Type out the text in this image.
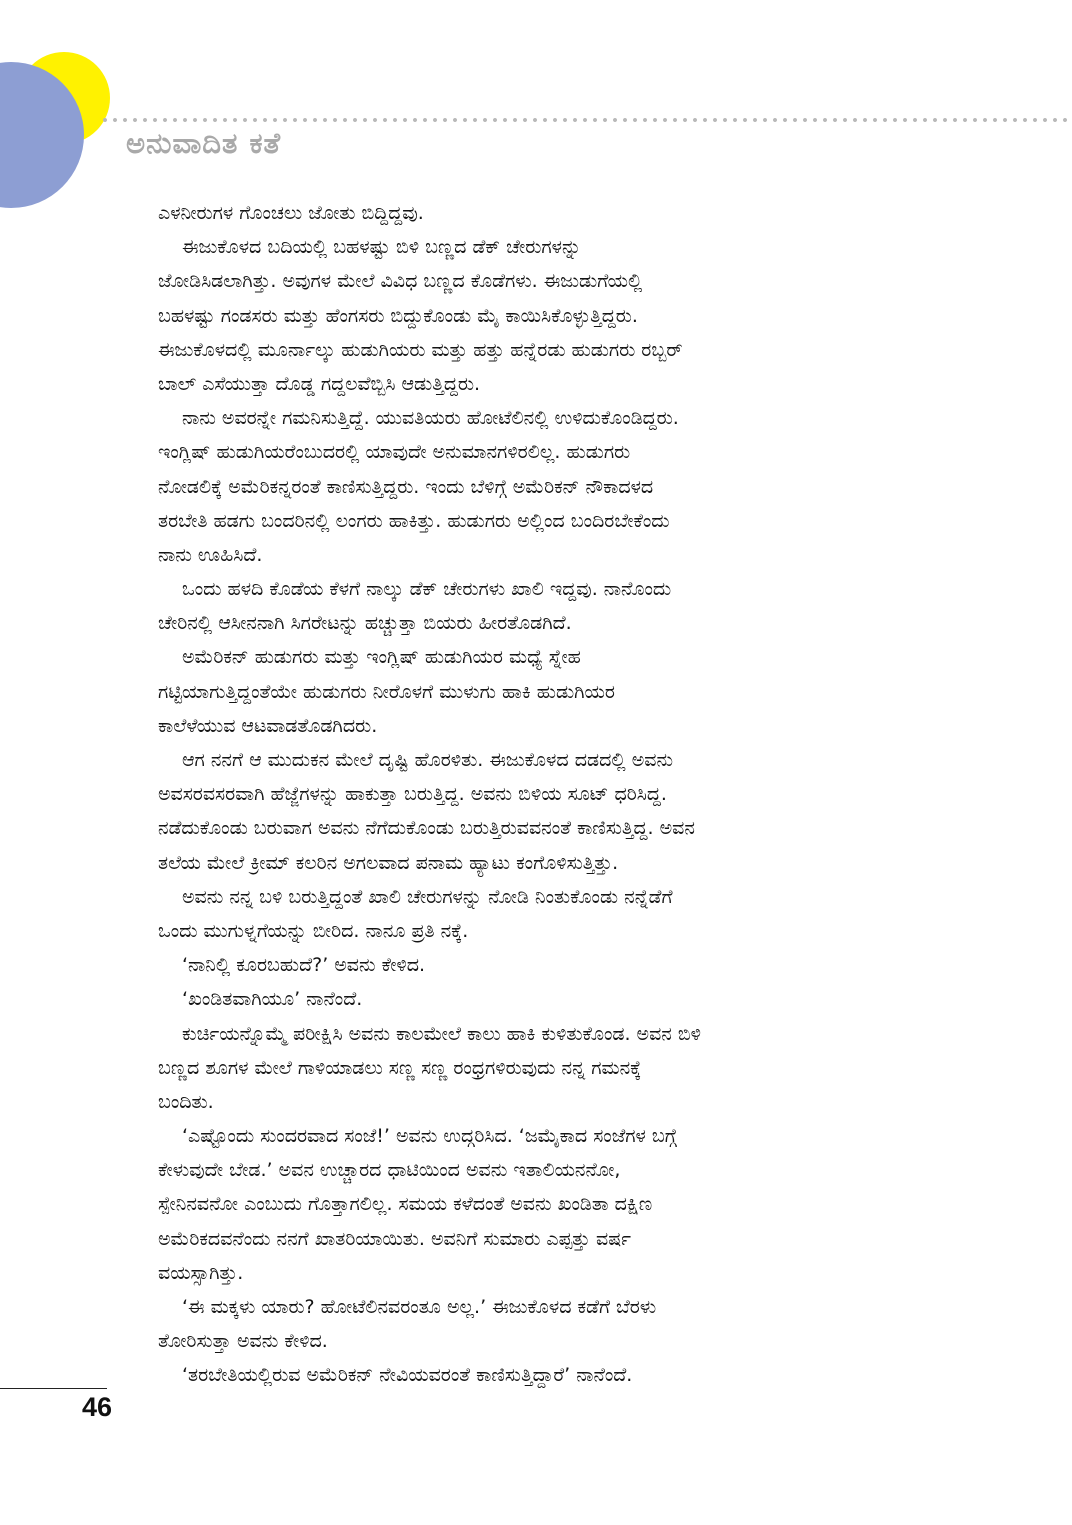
ಅನುವಾದಿತ ಕತೆ
ಎಳನೀರುಗಳ ಗೊಂಚಲು ಜೋತು ಬಿದ್ದಿದ್ದವು.
ಈಜುಕೊಳದ ಬದಿಯಲ್ಲಿ ಬಹಳಷ್ಟು ಬಿಳಿ ಬಣ್ಣದ ಡೆಕ್ ಚೇರುಗಳನ್ನು
ಜೋಡಿಸಿಡಲಾಗಿತ್ತು. ಅವುಗಳ ಮೇಲೆ ವಿವಿಧ ಬಣ್ಣದ ಕೊಡೆಗಳು. ಈಜುಡುಗೆಯಲ್ಲಿ
ಬಹಳಷ್ಟು ಗಂಡಸರು ಮತ್ತು ಹೆಂಗಸರು ಬಿದ್ದುಕೊಂಡು ಮೈ ಕಾಯಿಸಿಕೊಳ್ಳುತ್ತಿದ್ದರು.
ಈಜುಕೊಳದಲ್ಲಿ ಮೂರ್ನಾಲ್ಕು ಹುಡುಗಿಯರು ಮತ್ತು ಹತ್ತು ಹನ್ನೆರಡು ಹುಡುಗರು ರಬ್ಬರ್
ಬಾಲ್ ಎಸೆಯುತ್ತಾ ದೊಡ್ಡ ಗದ್ದಲವೆಬ್ಬಿಸಿ ಆಡುತ್ತಿದ್ದರು.
ನಾನು ಅವರನ್ನೇ ಗಮನಿಸುತ್ತಿದ್ದೆ. ಯುವತಿಯರು ಹೋಟೆಲಿನಲ್ಲಿ ಉಳಿದುಕೊಂಡಿದ್ದರು.
ಇಂಗ್ಲಿಷ್ ಹುಡುಗಿಯರೆಂಬುದರಲ್ಲಿ ಯಾವುದೇ ಅನುಮಾನಗಳಿರಲಿಲ್ಲ. ಹುಡುಗರು
ನೋಡಲಿಕ್ಕೆ ಅಮೆರಿಕನ್ನರಂತೆ ಕಾಣಿಸುತ್ತಿದ್ದರು. ಇಂದು ಬೆಳಿಗ್ಗೆ ಅಮೆರಿಕನ್ ನೌಕಾದಳದ
ತರಬೇತಿ ಹಡಗು ಬಂದರಿನಲ್ಲಿ ಲಂಗರು ಹಾಕಿತ್ತು. ಹುಡುಗರು ಅಲ್ಲಿಂದ ಬಂದಿರಬೇಕೆಂದು
ನಾನು ಊಹಿಸಿದೆ.
ಒಂದು ಹಳದಿ ಕೊಡೆಯ ಕೆಳಗೆ ನಾಲ್ಕು ಡೆಕ್ ಚೇರುಗಳು ಖಾಲಿ ಇದ್ದವು. ನಾನೊಂದು
ಚೇರಿನಲ್ಲಿ ಆಸೀನನಾಗಿ ಸಿಗರೇಟನ್ನು ಹಚ್ಚುತ್ತಾ ಬಿಯರು ಹೀರತೊಡಗಿದೆ.
ಅಮೆರಿಕನ್ ಹುಡುಗರು ಮತ್ತು ಇಂಗ್ಲಿಷ್ ಹುಡುಗಿಯರ ಮಧ್ಯೆ ಸ್ನೇಹ
ಗಟ್ಟಿಯಾಗುತ್ತಿದ್ದಂತೆಯೇ ಹುಡುಗರು ನೀರೊಳಗೆ ಮುಳುಗು ಹಾಕಿ ಹುಡುಗಿಯರ
ಕಾಲೆಳೆಯುವ ಆಟವಾಡತೊಡಗಿದರು.
ಆಗ ನನಗೆ ಆ ಮುದುಕನ ಮೇಲೆ ದೃಷ್ಟಿ ಹೊರಳಿತು. ಈಜುಕೊಳದ ದಡದಲ್ಲಿ ಅವನು
ಅವಸರವಸರವಾಗಿ ಹೆಜ್ಜೆಗಳನ್ನು ಹಾಕುತ್ತಾ ಬರುತ್ತಿದ್ದ. ಅವನು ಬಿಳಿಯ ಸೂಟ್ ಧರಿಸಿದ್ದ.
ನಡೆದುಕೊಂಡು ಬರುವಾಗ ಅವನು ನೆಗೆದುಕೊಂಡು ಬರುತ್ತಿರುವವನಂತೆ ಕಾಣಿಸುತ್ತಿದ್ದ. ಅವನ
ತಲೆಯ ಮೇಲೆ ಕ್ರೀಮ್ ಕಲರಿನ ಅಗಲವಾದ ಪನಾಮ ಹ್ಯಾಟು ಕಂಗೊಳಿಸುತ್ತಿತ್ತು.
ಅವನು ನನ್ನ ಬಳಿ ಬರುತ್ತಿದ್ದಂತೆ ಖಾಲಿ ಚೇರುಗಳನ್ನು ನೋಡಿ ನಿಂತುಕೊಂಡು ನನ್ನೆಡೆಗೆ
ಒಂದು ಮುಗುಳ್ನಗೆಯನ್ನು ಬೀರಿದ. ನಾನೂ ಪ್ರತಿ ನಕ್ಕೆ.
‘ನಾನಿಲ್ಲಿ ಕೂರಬಹುದೆ?’ ಅವನು ಕೇಳಿದ.
‘ಖಂಡಿತವಾಗಿಯೂ’ ನಾನೆಂದೆ.
ಕುರ್ಚಿಯನ್ನೊಮ್ಮೆ ಪರೀಕ್ಷಿಸಿ ಅವನು ಕಾಲಮೇಲೆ ಕಾಲು ಹಾಕಿ ಕುಳಿತುಕೊಂಡ. ಅವನ ಬಿಳಿ
ಬಣ್ಣದ ಶೂಗಳ ಮೇಲೆ ಗಾಳಿಯಾಡಲು ಸಣ್ಣ ಸಣ್ಣ ರಂಧ್ರಗಳಿರುವುದು ನನ್ನ ಗಮನಕ್ಕೆ
ಬಂದಿತು.
‘ಎಷ್ಟೊಂದು ಸುಂದರವಾದ ಸಂಜೆ!’ ಅವನು ಉದ್ಗರಿಸಿದ. ‘ಜಮೈಕಾದ ಸಂಜೆಗಳ ಬಗ್ಗೆ
ಕೇಳುವುದೇ ಬೇಡ.’ ಅವನ ಉಚ್ಚಾರದ ಧಾಟಿಯಿಂದ ಅವನು ಇತಾಲಿಯನನೋ,
ಸ್ಪೇನಿನವನೋ ಎಂಬುದು ಗೊತ್ತಾಗಲಿಲ್ಲ. ಸಮಯ ಕಳೆದಂತೆ ಅವನು ಖಂಡಿತಾ ದಕ್ಷಿಣ
ಅಮೆರಿಕದವನೆಂದು ನನಗೆ ಖಾತರಿಯಾಯಿತು. ಅವನಿಗೆ ಸುಮಾರು ಎಪ್ಪತ್ತು ವರ್ಷ
ವಯಸ್ಸಾಗಿತ್ತು.
‘ಈ ಮಕ್ಕಳು ಯಾರು? ಹೋಟೆಲಿನವರಂತೂ ಅಲ್ಲ.’ ಈಜುಕೊಳದ ಕಡೆಗೆ ಬೆರಳು
ತೋರಿಸುತ್ತಾ ಅವನು ಕೇಳಿದ.
‘ತರಬೇತಿಯಲ್ಲಿರುವ ಅಮೆರಿಕನ್ ನೇವಿಯವರಂತೆ ಕಾಣಿಸುತ್ತಿದ್ದಾರೆ’ ನಾನೆಂದೆ.
46
